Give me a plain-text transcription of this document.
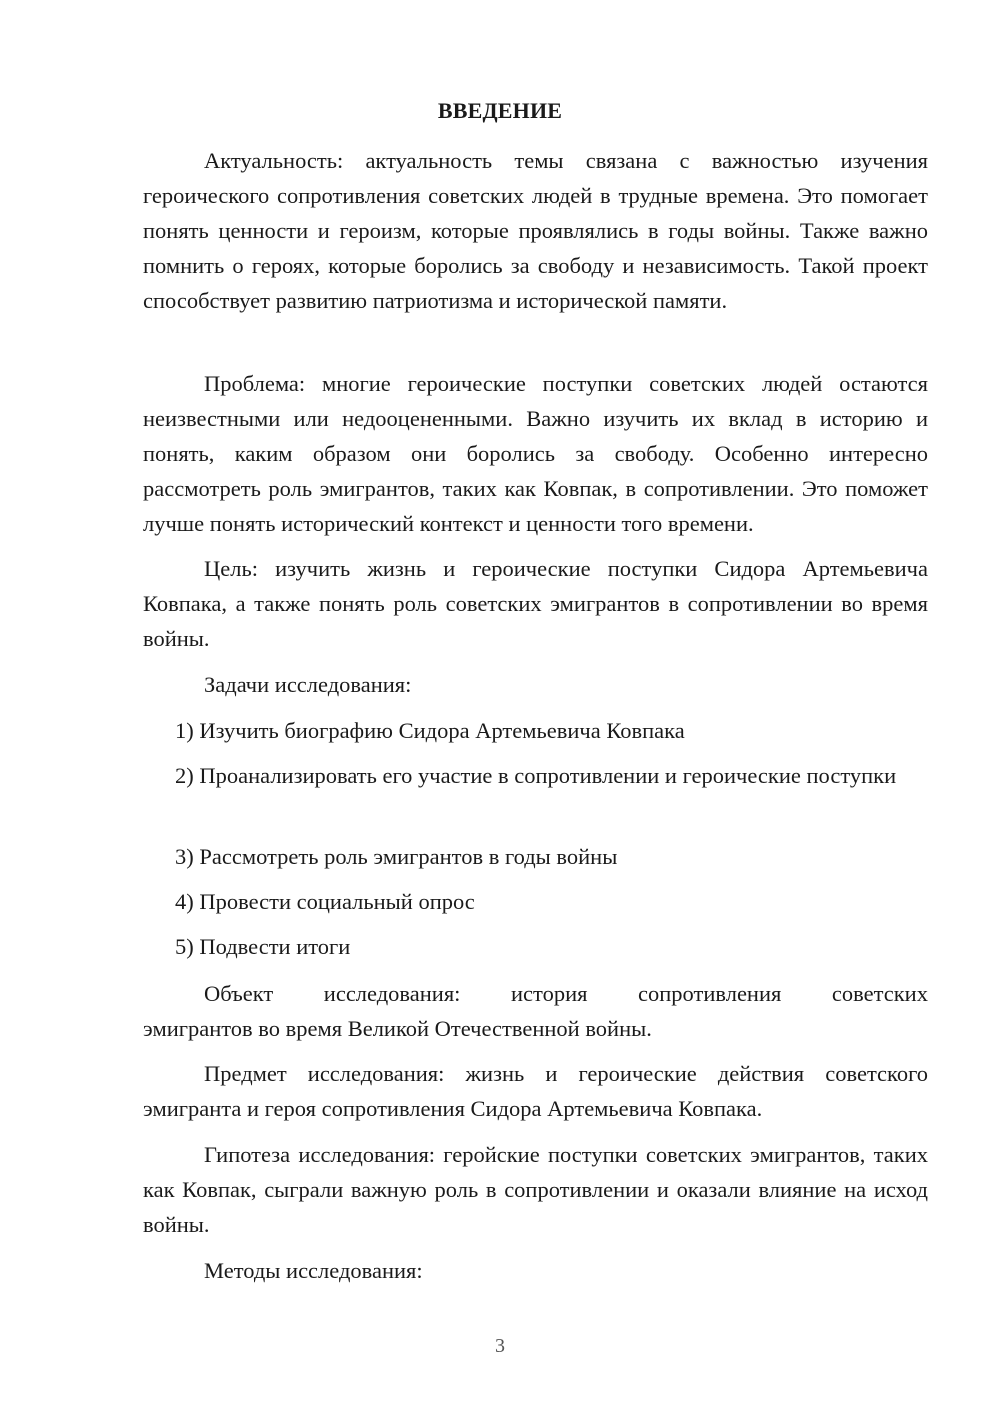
ВВЕДЕНИЕ

Актуальность: актуальность темы связана с важностью изучения героического сопротивления советских людей в трудные времена. Это помогает понять ценности и героизм, которые проявлялись в годы войны. Также важно помнить о героях, которые боролись за свободу и независимость. Такой проект способствует развитию патриотизма и исторической памяти.

Проблема: многие героические поступки советских людей остаются неизвестными или недооцененными. Важно изучить их вклад в историю и понять, каким образом они боролись за свободу. Особенно интересно рассмотреть роль эмигрантов, таких как Ковпак, в сопротивлении. Это поможет лучше понять исторический контекст и ценности того времени.

Цель: изучить жизнь и героические поступки Сидора Артемьевича Ковпака, а также понять роль советских эмигрантов в сопротивлении во время войны.

Задачи исследования:

1) Изучить биографию Сидора Артемьевича Ковпака

2) Проанализировать его участие в сопротивлении и героические поступки

3) Рассмотреть роль эмигрантов в годы войны

4) Провести социальный опрос

5) Подвести итоги

Объект исследования: история сопротивления советских
эмигрантов во время Великой Отечественной войны.

Предмет исследования: жизнь и героические действия советского эмигранта и героя сопротивления Сидора Артемьевича Ковпака.

Гипотеза исследования: геройские поступки советских эмигрантов, таких как Ковпак, сыграли важную роль в сопротивлении и оказали влияние на исход войны.

Методы исследования:

3
